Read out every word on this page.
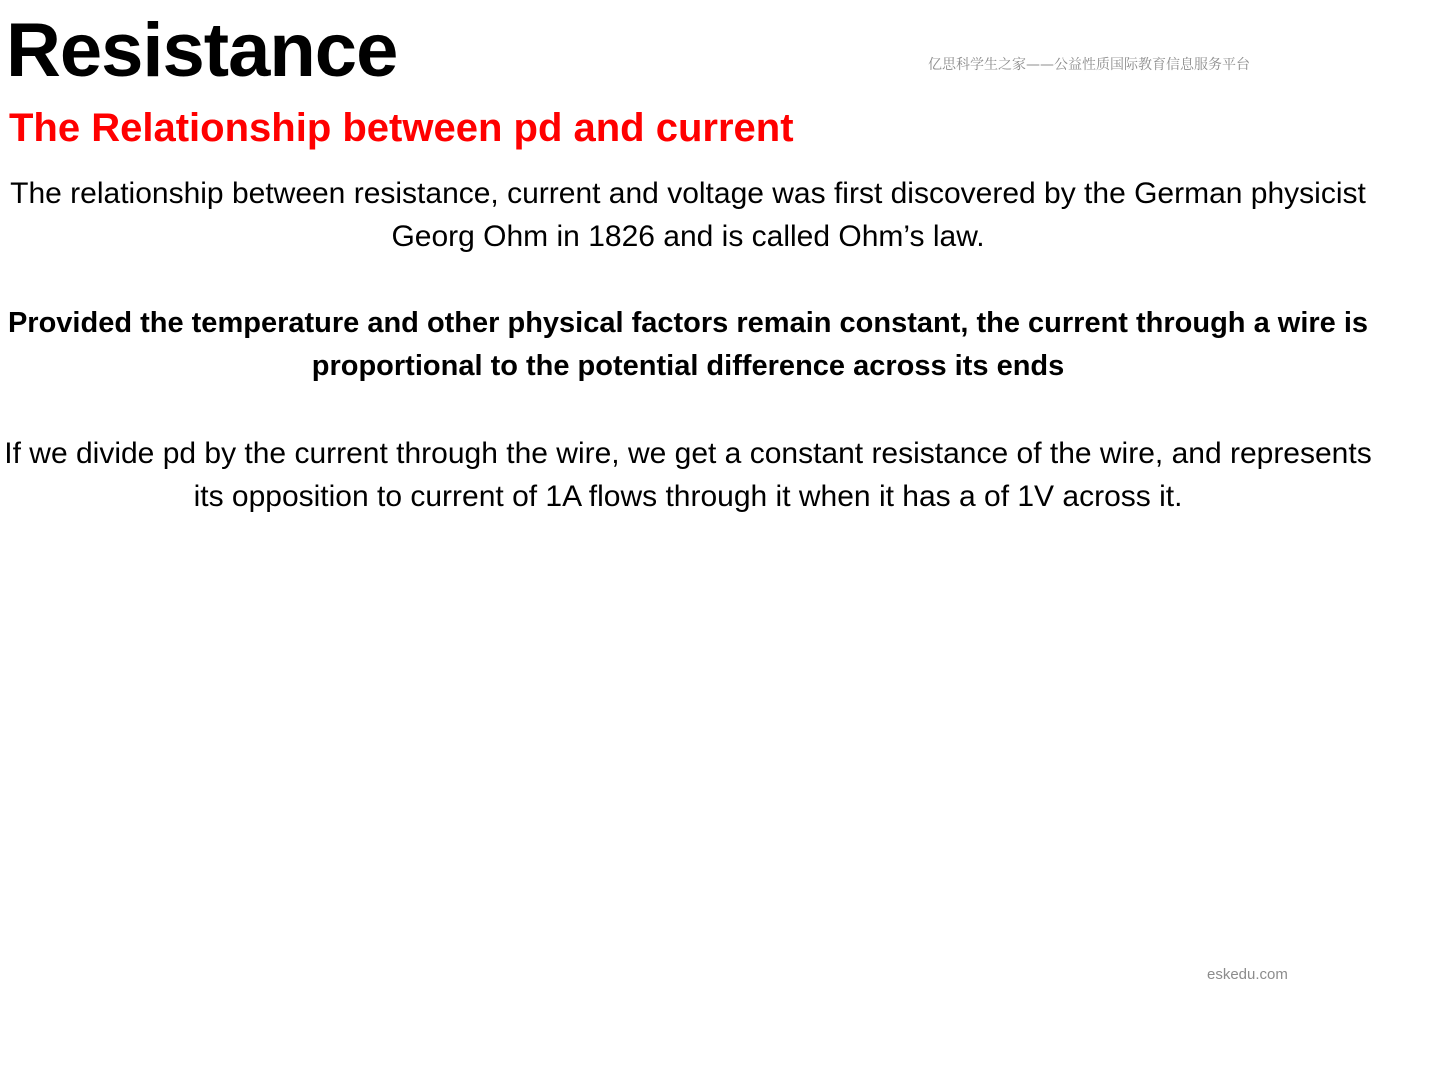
Resistance	亿思科学生之家——公益性质国际教育信息服务平台
The Relationship between pd and current
The relationship between resistance, current and voltage was first discovered by the German physicist Georg Ohm in 1826 and is called Ohm’s law.
Provided the temperature and other physical factors remain constant, the current through a wire is proportional to the potential difference across its ends
If we divide pd by the current through the wire, we get a constant resistance of the wire, and represents its opposition to current of 1A flows through it when it has a of 1V across it.
eskedu.com
